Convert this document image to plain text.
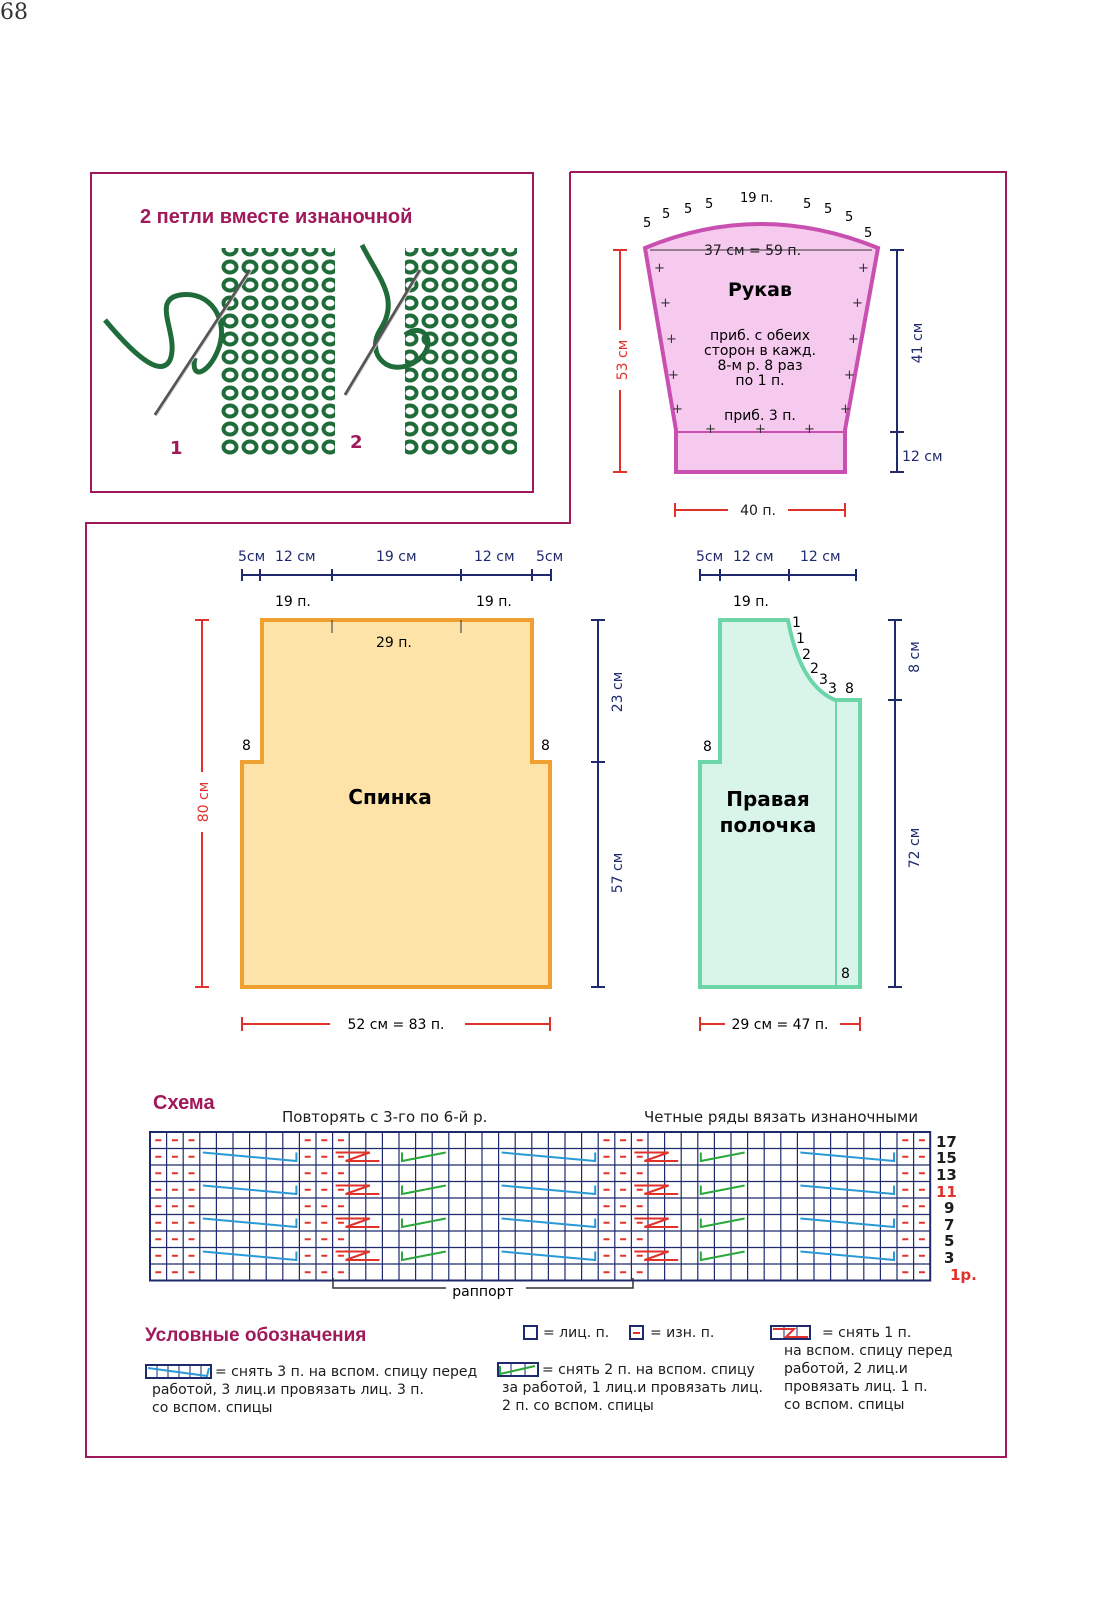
68
2 петли вместе изнаночной
1	2
37 см = 59 п.
+
+
+
+
+
+
+
+
+
+
+	+	+
5
5 5 5 19 п. 5 5
5
5
Рукав
приб. с обеих
сторон в кажд.
8-м р. 8 раз
по 1 п.
приб. 3 п.
53 см	41 см
12 см
40 п.
5см 12 см	19 см	12 см 5см
19 п.	19 п.
29 п.
8	8
Спинка
80 см
23 см
57 см
52 см = 83 п.
5см 12 см 12 см
19 п.
1
1
2
2
3
3 8
8
8
Правая
полочка
8 см
72 см
29 см = 47 п.
Схема
Повторять с 3-го по 6-й р.	Четные ряды вязать изнаночными
17
15
13
11
9
7
5
3
1р.
раппорт
Условные обозначения	= лиц. п.	= изн. п.	= снять 1 п.
на вспом. спицу перед
работой, 2 лиц.и
провязать лиц. 1 п.
со вспом. спицы
= снять 3 п. на вспом. спицу перед
работой, 3 лиц.и провязать лиц. 3 п.
со вспом. спицы
= снять 2 п. на вспом. спицу
за работой, 1 лиц.и провязать лиц.
2 п. со вспом. спицы
